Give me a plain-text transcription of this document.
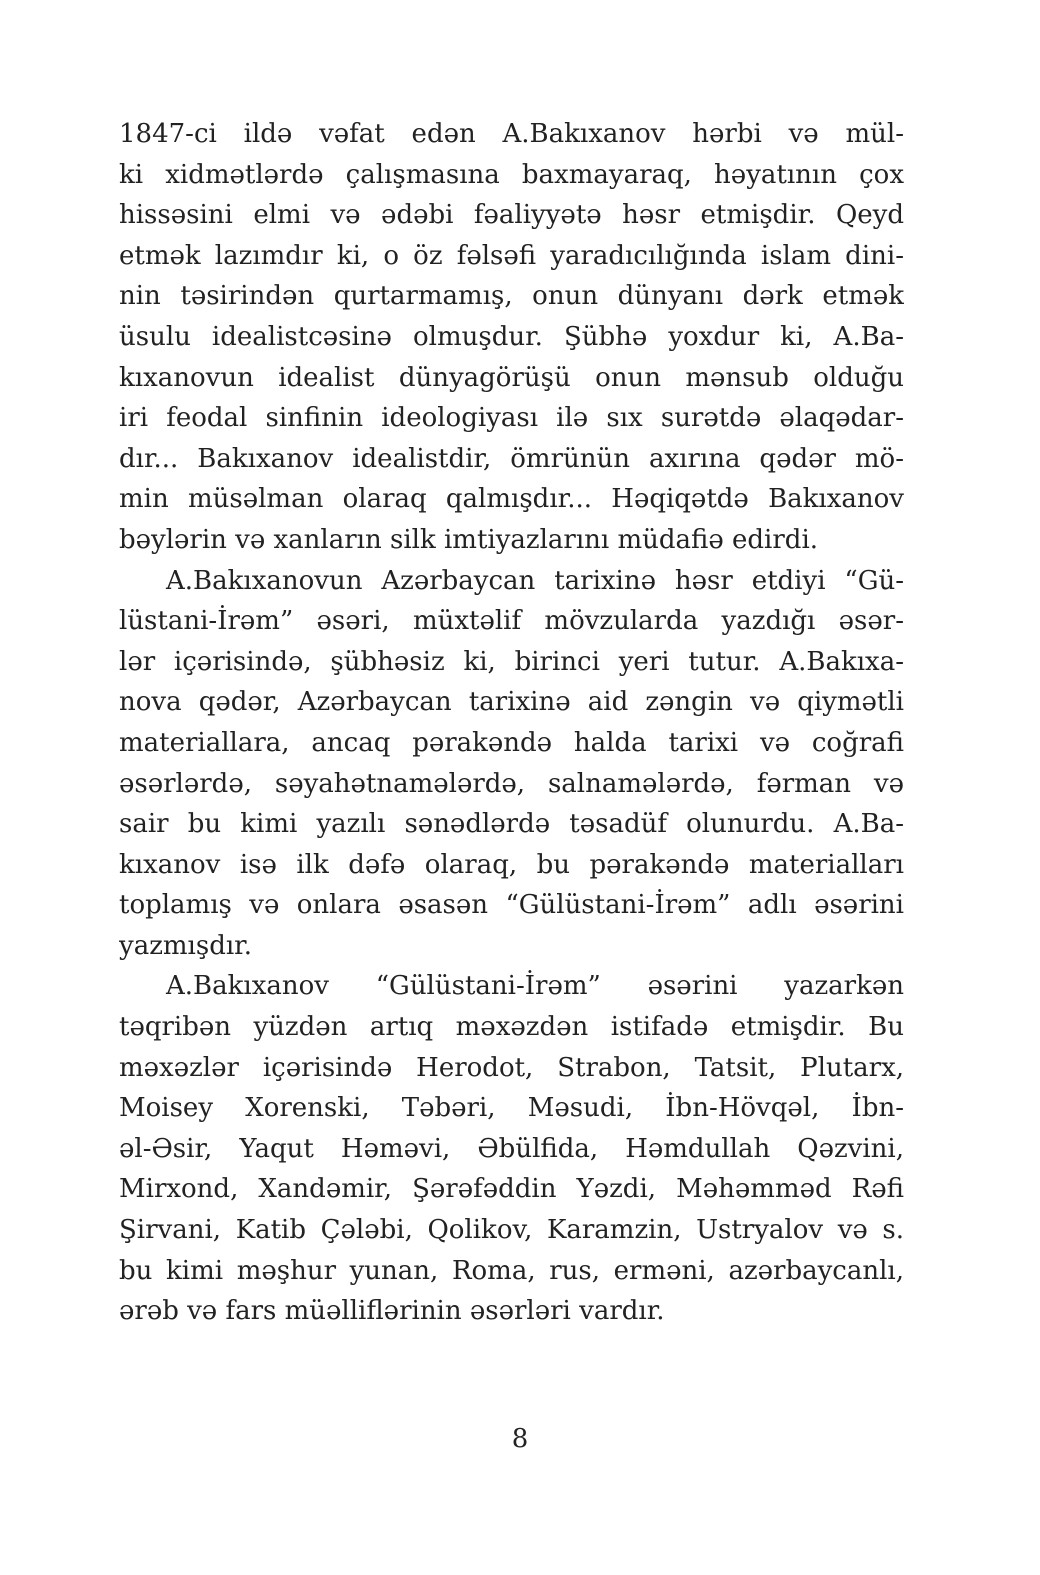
1847-ci ildə vəfat edən A.Bakıxanov hərbi və mül-
ki xidmətlərdə çalışmasına baxmayaraq, həyatının çox
hissəsini elmi və ədəbi fəaliyyətə həsr etmişdir. Qeyd
etmək lazımdır ki, o öz fəlsəfi yaradıcılığında islam dini-
nin təsirindən qurtarmamış, onun dünyanı dərk etmək
üsulu idealistcəsinə olmuşdur. Şübhə yoxdur ki, A.Ba-
kıxanovun idealist dünyagörüşü onun mənsub olduğu
iri feodal sinfinin ideologiyası ilə sıx surətdə əlaqədar-
dır... Bakıxanov idealistdir, ömrünün axırına qədər mö-
min müsəlman olaraq qalmışdır... Həqiqətdə Bakıxanov
bəylərin və xanların silk imtiyazlarını müdafiə edirdi.
A.Bakıxanovun Azərbaycan tarixinə həsr etdiyi “Gü-
lüstani-İrəm” əsəri, müxtəlif mövzularda yazdığı əsər-
lər içərisində, şübhəsiz ki, birinci yeri tutur. A.Bakıxa-
nova qədər, Azərbaycan tarixinə aid zəngin və qiymətli
materiallara, ancaq pərakəndə halda tarixi və coğrafi
əsərlərdə, səyahətnamələrdə, salnamələrdə, fərman və
sair bu kimi yazılı sənədlərdə təsadüf olunurdu. A.Ba-
kıxanov isə ilk dəfə olaraq, bu pərakəndə materialları
toplamış və onlara əsasən “Gülüstani-İrəm” adlı əsərini
yazmışdır.
A.Bakıxanov “Gülüstani-İrəm” əsərini yazarkən
təqribən yüzdən artıq məxəzdən istifadə etmişdir. Bu
məxəzlər içərisində Herodot, Strabon, Tatsit, Plutarx,
Moisey Xorenski, Təbəri, Məsudi, İbn-Hövqəl, İbn-
əl-Əsir, Yaqut Həməvi, Əbülfida, Həmdullah Qəzvini,
Mirxond, Xandəmir, Şərəfəddin Yəzdi, Məhəmməd Rəfi
Şirvani, Katib Çələbi, Qolikov, Karamzin, Ustryalov və s.
bu kimi məşhur yunan, Roma, rus, erməni, azərbaycanlı,
ərəb və fars müəlliflərinin əsərləri vardır.
8
